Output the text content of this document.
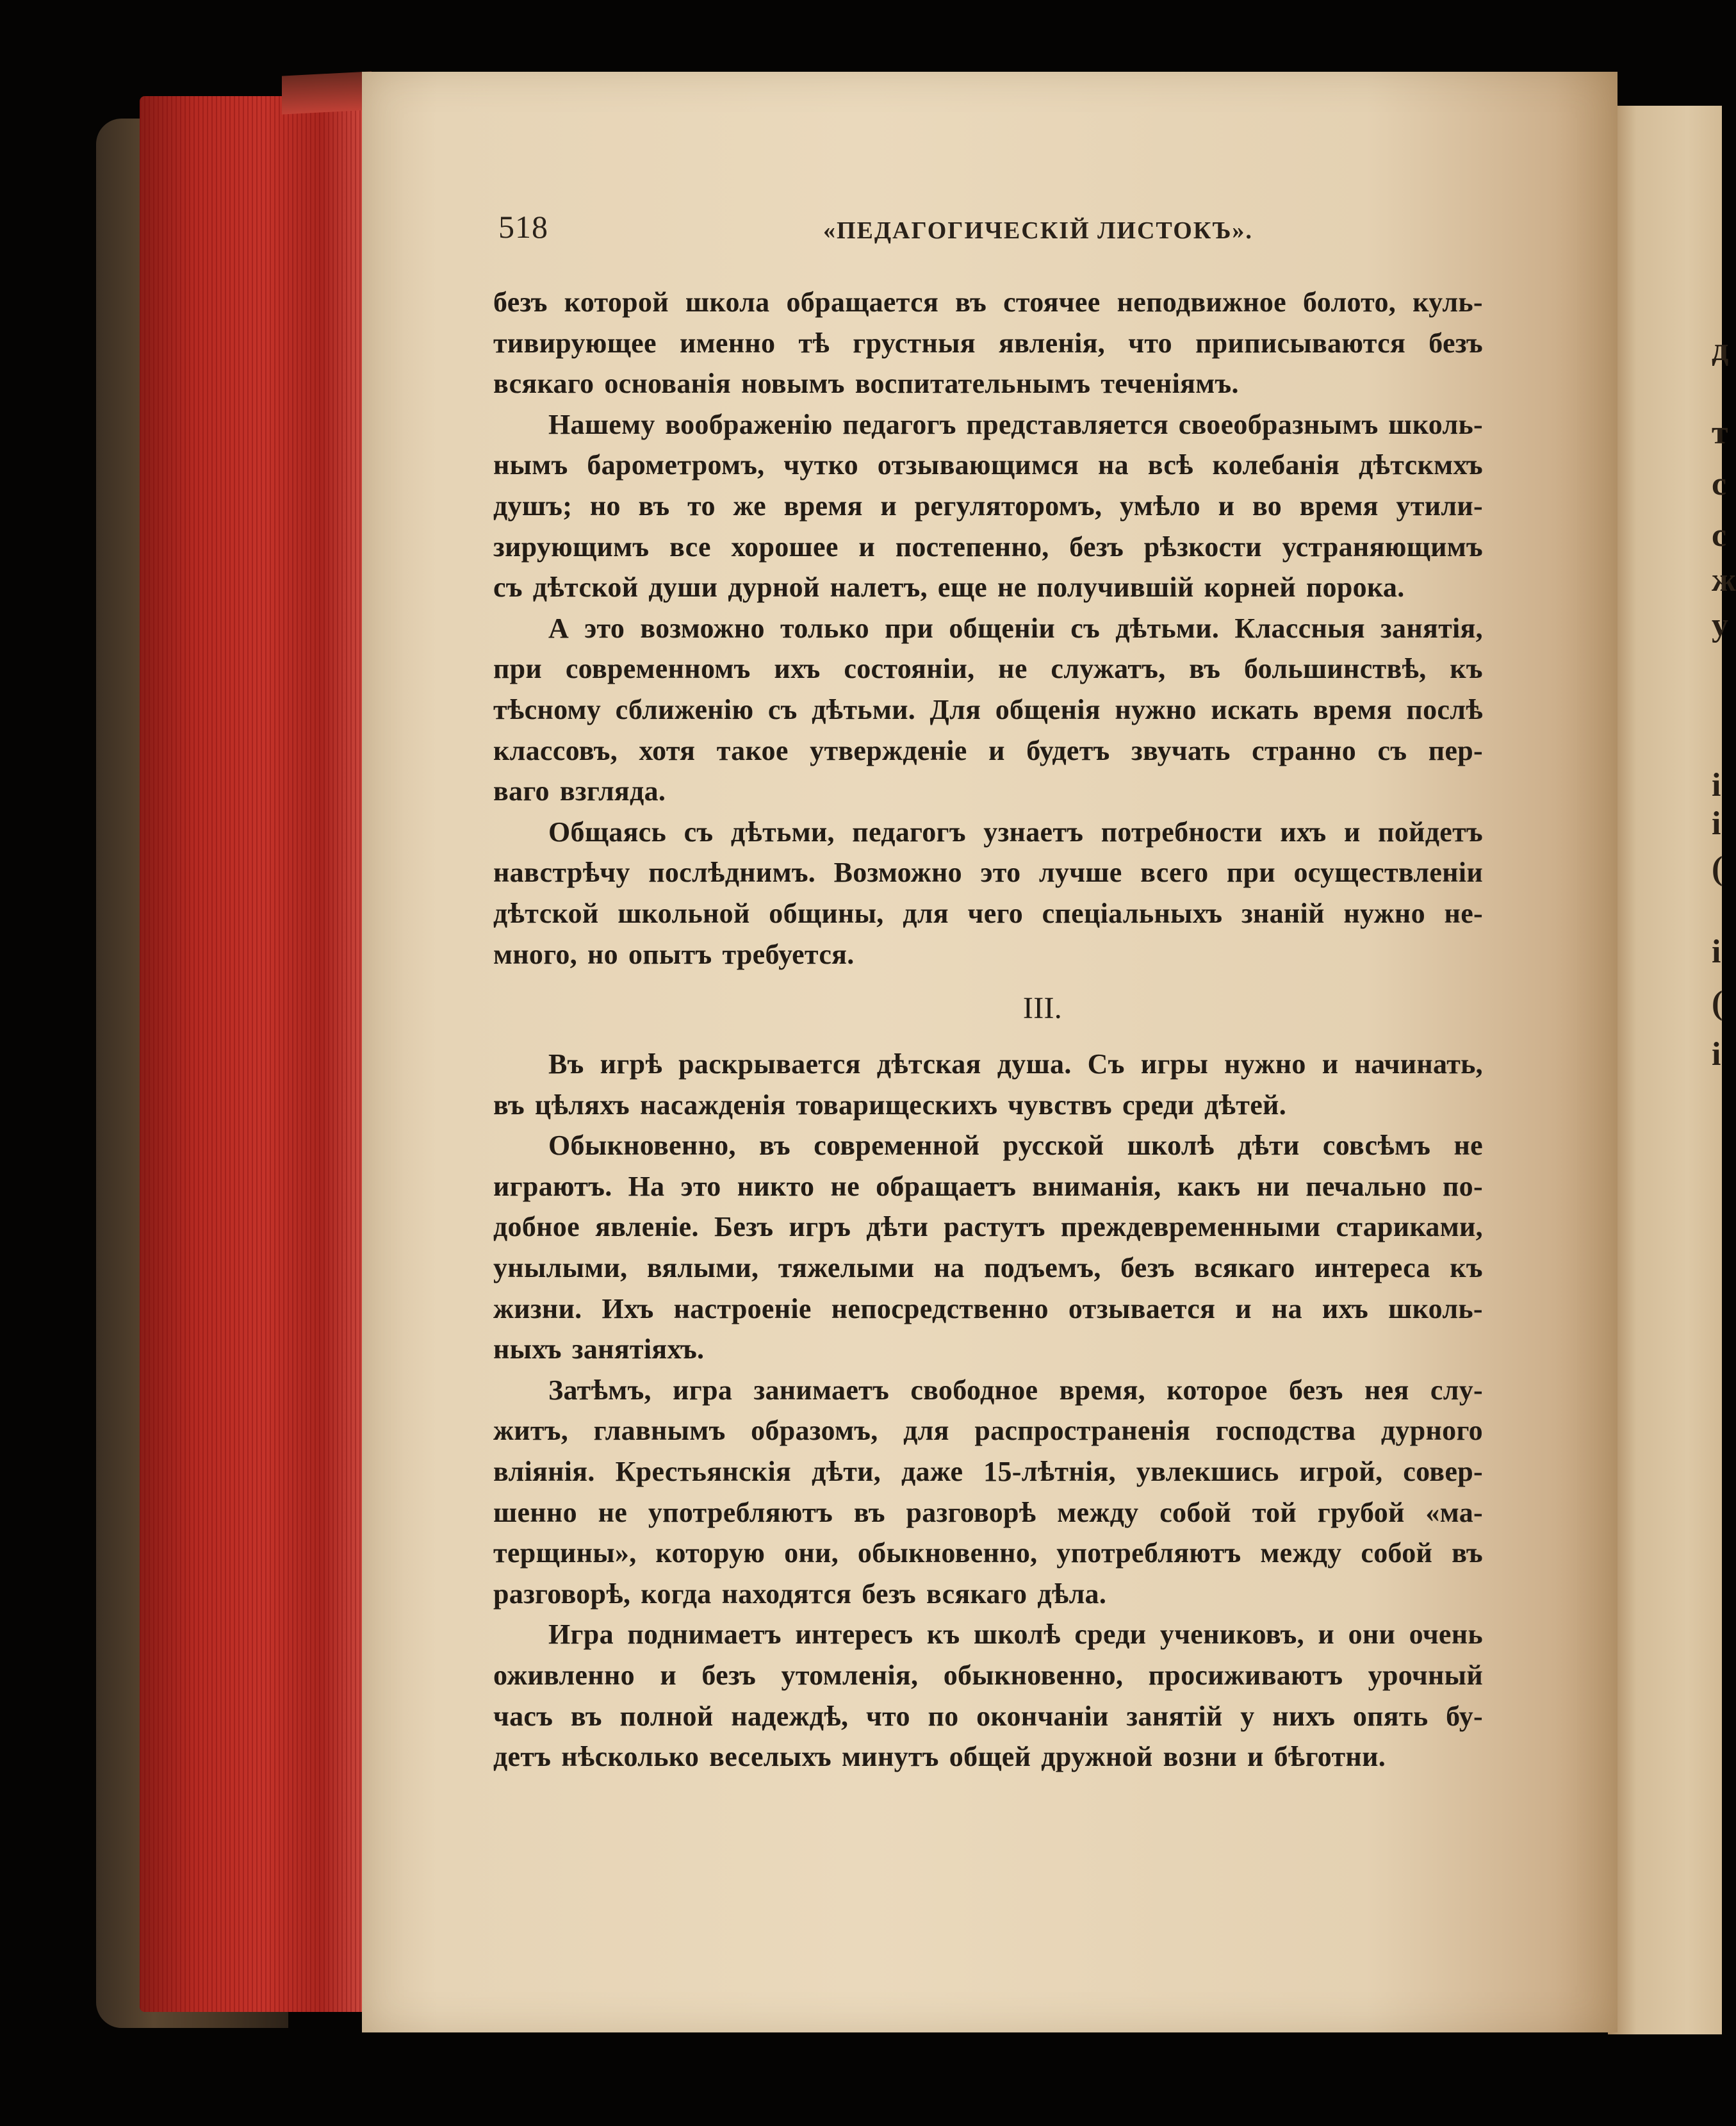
д
т
с
с
ж
у
і
і
(
і
(
і
518	«ПЕДАГОГИЧЕСКІЙ ЛИСТОКЪ».
безъ которой школа обращается въ стоячее неподвижное болото, куль-
тивирующее именно тѣ грустныя явленія, что приписываются безъ
всякаго основанія новымъ воспитательнымъ теченіямъ.
Нашему воображенію педагогъ представляется своеобразнымъ школь-
нымъ барометромъ, чутко отзывающимся на всѣ колебанія дѣтскмхъ
душъ; но въ то же время и регуляторомъ, умѣло и во время утили-
зирующимъ все хорошее и постепенно, безъ рѣзкости устраняющимъ
съ дѣтской души дурной налетъ, еще не получившій корней порока.
А это возможно только при общеніи съ дѣтьми. Классныя занятія,
при современномъ ихъ состояніи, не служатъ, въ большинствѣ, къ
тѣсному сближенію съ дѣтьми. Для общенія нужно искать время послѣ
классовъ, хотя такое утвержденіе и будетъ звучать странно съ пер-
ваго взгляда.
Общаясь съ дѣтьми, педагогъ узнаетъ потребности ихъ и пойдетъ
навстрѣчу послѣднимъ. Возможно это лучше всего при осуществленіи
дѣтской школьной общины, для чего спеціальныхъ знаній нужно не-
много, но опытъ требуется.
III.
Въ игрѣ раскрывается дѣтская душа. Съ игры нужно и начинать,
въ цѣляхъ насажденія товарищескихъ чувствъ среди дѣтей.
Обыкновенно, въ современной русской школѣ дѣти совсѣмъ не
играютъ. На это никто не обращаетъ вниманія, какъ ни печально по-
добное явленіе. Безъ игръ дѣти растутъ преждевременными стариками,
унылыми, вялыми, тяжелыми на подъемъ, безъ всякаго интереса къ
жизни. Ихъ настроеніе непосредственно отзывается и на ихъ школь-
ныхъ занятіяхъ.
Затѣмъ, игра занимаетъ свободное время, которое безъ нея слу-
житъ, главнымъ образомъ, для распространенія господства дурного
вліянія. Крестьянскія дѣти, даже 15-лѣтнія, увлекшись игрой, совер-
шенно не употребляютъ въ разговорѣ между собой той грубой «ма-
терщины», которую они, обыкновенно, употребляютъ между собой въ
разговорѣ, когда находятся безъ всякаго дѣла.
Игра поднимаетъ интересъ къ школѣ среди учениковъ, и они очень
оживленно и безъ утомленія, обыкновенно, просиживаютъ урочный
часъ въ полной надеждѣ, что по окончаніи занятій у нихъ опять бу-
детъ нѣсколько веселыхъ минутъ общей дружной возни и бѣготни.
